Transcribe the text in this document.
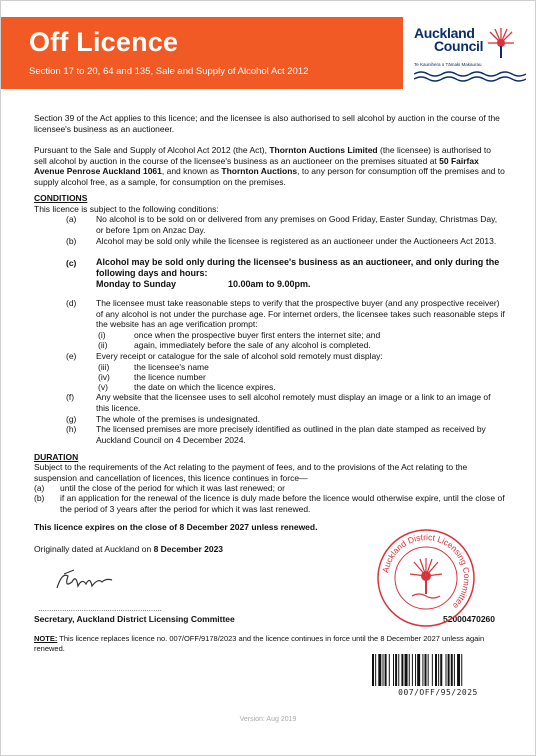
Off Licence
Section 17 to 20, 64 and 135, Sale and Supply of Alcohol Act 2012
Auckland
Council
Te Kaunihera o Tāmaki Makaurau
Section 39 of the Act applies to this licence; and the licensee is also authorised to sell alcohol by auction in the course of the licensee's business as an auctioneer.
Pursuant to the Sale and Supply of Alcohol Act 2012 (the Act), Thornton Auctions Limited (the licensee) is authorised to sell alcohol by auction in the course of the licensee's business as an auctioneer on the premises situated at 50 Fairfax Avenue Penrose Auckland 1061, and known as Thornton Auctions, to any person for consumption off the premises and to supply alcohol free, as a sample, for consumption on the premises.
CONDITIONS
This licence is subject to the following conditions:
(a) No alcohol is to be sold on or delivered from any premises on Good Friday, Easter Sunday, Christmas Day, or before 1pm on Anzac Day.
(b) Alcohol may be sold only while the licensee is registered as an auctioneer under the Auctioneers Act 2013.
(c) Alcohol may be sold only during the licensee's business as an auctioneer, and only during the following days and hours:
Monday to Sunday	10.00am to 9.00pm.
(d) The licensee must take reasonable steps to verify that the prospective buyer (and any prospective receiver) of any alcohol is not under the purchase age. For internet orders, the licensee takes such reasonable steps if the website has an age verification prompt:
(i)	once when the prospective buyer first enters the internet site; and
(ii)	again, immediately before the sale of any alcohol is completed.
(e) Every receipt or catalogue for the sale of alcohol sold remotely must display:
(iii)	the licensee's name
(iv)	the licence number
(v)	the date on which the licence expires.
(f)	Any website that the licensee uses to sell alcohol remotely must display an image or a link to an image of this licence.
(g) The whole of the premises is undesignated.
(h) The licensed premises are more precisely identified as outlined in the plan date stamped as received by Auckland Council on 4 December 2024.
DURATION
Subject to the requirements of the Act relating to the payment of fees, and to the provisions of the Act relating to the suspension and cancellation of licences, this licence continues in force—
(a) until the close of the period for which it was last renewed; or
(b) if an application for the renewal of the licence is duly made before the licence would otherwise expire, until the close of the period of 3 years after the period for which it was last renewed.
This licence expires on the close of 8 December 2027 unless renewed.
Originally dated at Auckland on 8 December 2023
…………………………………………………
Secretary, Auckland District Licensing Committee	52000470260
Auckland District Licensing Committee
NOTE: This licence replaces licence no. 007/OFF/9178/2023 and the licence continues in force until the 8 December 2027 unless again renewed.
007/OFF/95/2025
Version: Aug 2019
